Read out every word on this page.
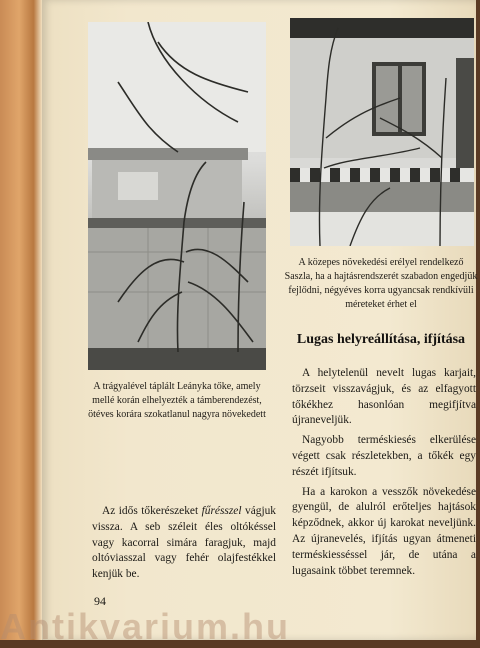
A trágyalével táplált Leányka tőke, amely mellé korán elhelyezték a támberendezést, ötéves korára szokatlanul nagyra növekedett
A közepes növekedési erélyel rendelkező Saszla, ha a hajtásrendszerét szabadon engedjük fejlődni, négyéves korra ugyancsak rendkívüli méreteket érhet el
Lugas helyreállítása, ifjítása

A helytelenül nevelt lugas karjait, törzseit visszavágjuk, és az elfagyott tőkékhez hasonlóan megifjítva újraneveljük.

Nagyobb terméskiesés elkerülése végett csak részletekben, a tőkék egy részét ifjítsuk.

Ha a karokon a vesszők növekedése gyengül, de alulról erőteljes hajtások képződnek, akkor új karokat neveljünk. Az újranevelés, ifjítás ugyan átmeneti terméskiesséssel jár, de utána a lugasaink többet teremnek.

Az idős tőkerészeket fűrésszel vágjuk vissza. A seb széleit éles oltókéssel vagy kacorral simára faragjuk, majd oltóviasszal vagy fehér olajfestékkel kenjük be.

94
Antikvarium.hu
